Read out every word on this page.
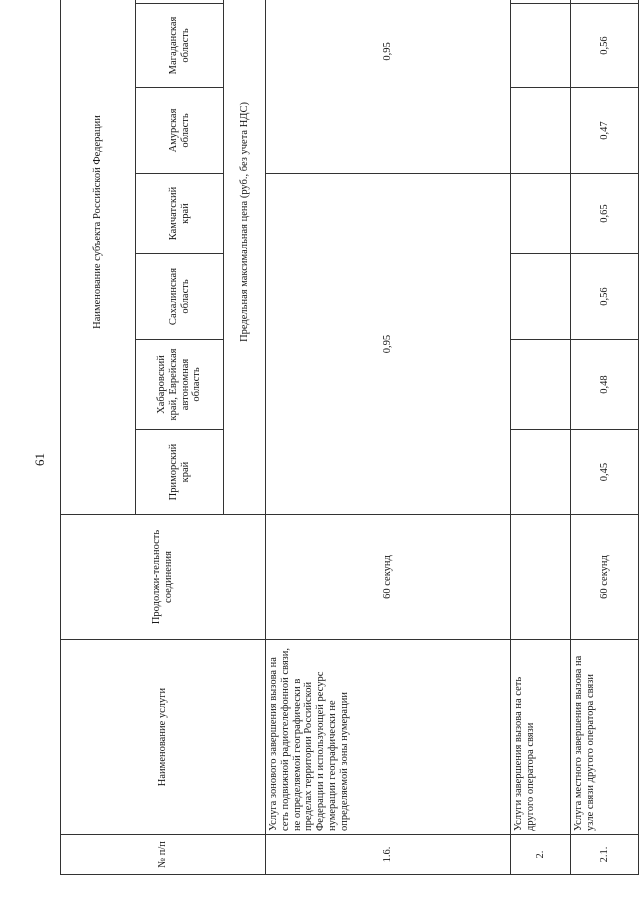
61
№ п/п	Наименование услуги	Продолжи-тельность соединения	Наименование субъекта Российской Федерации						
			Приморский край	Хабаровский край, Еврейская автономная область	Сахалинская область	Камчатский край	Амурская область	Магаданская область	
			Предельная максимальная цена (руб., без учета НДС)						
1.6.	Услуга зонового завершения вызова на сеть подвижной радиотелефонной связи, не определяемой географически в пределах территории Российской Федерации и использующей ресурс нумерации географически не определяемой зоны нумерации	60 секунд	0,95				0,95		
2.	Услуги завершения вызова на сеть другого оператора связи								
2.1.	Услуга местного завершения вызова на узле связи другого оператора связи	60 секунд	0,45	0,48	0,56	0,65	0,47	0,56	
